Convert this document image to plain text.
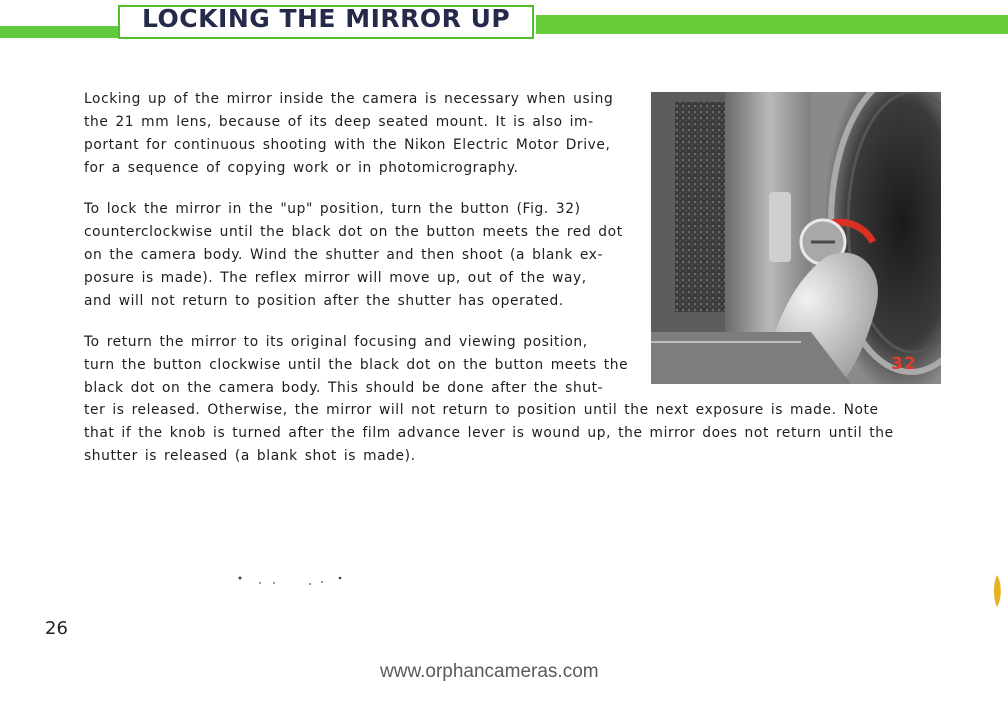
LOCKING THE MIRROR UP
Locking up of the mirror inside the camera is necessary when using
the 21 mm lens, because of its deep seated mount. It is also im-
portant for continuous shooting with the Nikon Electric Motor Drive,
for a sequence of copying work or in photomicrography.
To lock the mirror in the "up" position, turn the button (Fig. 32)
counterclockwise until the black dot on the button meets the red dot
on the camera body. Wind the shutter and then shoot (a blank ex-
posure is made). The reflex mirror will move up, out of the way,
and will not return to position after the shutter has operated.
To return the mirror to its original focusing and viewing position,
turn the button clockwise until the black dot on the button meets the
black dot on the camera body. This should be done after the shut-
ter is released. Otherwise, the mirror will not return to position until the next exposure is made. Note
that if the knob is turned after the film advance lever is wound up, the mirror does not return until the
shutter is released (a blank shot is made).

32

26

www.orphancameras.com
